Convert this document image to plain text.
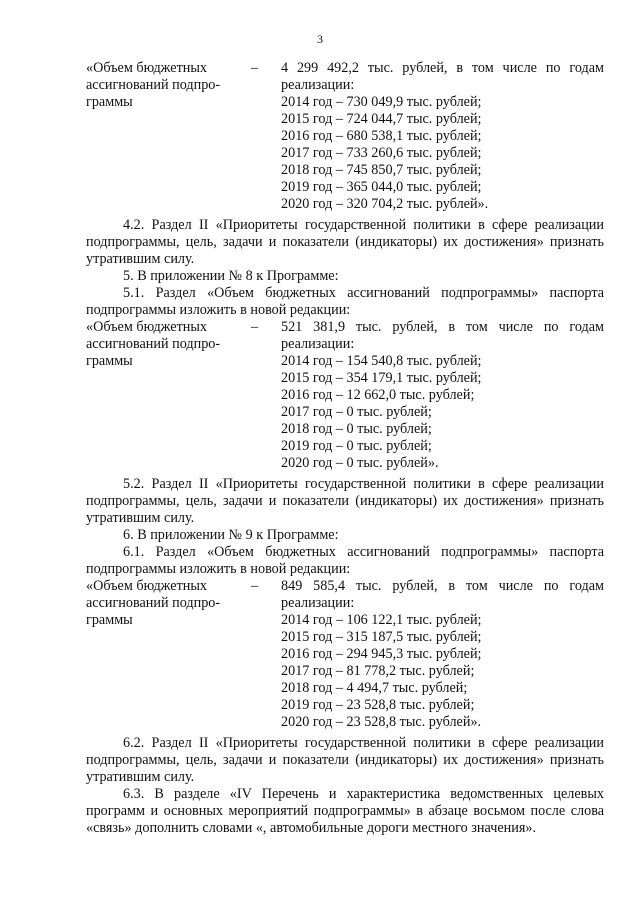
3
«Объем бюджетных
ассигнований подпро-
граммы
–	4 299 492,2 тыс. рублей, в том числе по годам
реализации:
2014 год – 730 049,9 тыс. рублей;
2015 год – 724 044,7 тыс. рублей;
2016 год – 680 538,1 тыс. рублей;
2017 год – 733 260,6 тыс. рублей;
2018 год – 745 850,7 тыс. рублей;
2019 год – 365 044,0 тыс. рублей;
2020 год – 320 704,2 тыс. рублей».
4.2. Раздел II «Приоритеты государственной политики в сфере реализации подпрограммы, цель, задачи и показатели (индикаторы) их достижения» признать утратившим силу.
5. В приложении № 8 к Программе:
5.1. Раздел «Объем бюджетных ассигнований подпрограммы» паспорта подпрограммы изложить в новой редакции:
«Объем бюджетных
ассигнований подпро-
граммы
–	521 381,9 тыс. рублей, в том числе по годам
реализации:
2014 год – 154 540,8 тыс. рублей;
2015 год – 354 179,1 тыс. рублей;
2016 год – 12 662,0 тыс. рублей;
2017 год – 0 тыс. рублей;
2018 год – 0 тыс. рублей;
2019 год – 0 тыс. рублей;
2020 год – 0 тыс. рублей».
5.2. Раздел II «Приоритеты государственной политики в сфере реализации подпрограммы, цель, задачи и показатели (индикаторы) их достижения» признать утратившим силу.
6. В приложении № 9 к Программе:
6.1. Раздел «Объем бюджетных ассигнований подпрограммы» паспорта подпрограммы изложить в новой редакции:
«Объем бюджетных
ассигнований подпро-
граммы
–	849 585,4 тыс. рублей, в том числе по годам
реализации:
2014 год – 106 122,1 тыс. рублей;
2015 год – 315 187,5 тыс. рублей;
2016 год – 294 945,3 тыс. рублей;
2017 год – 81 778,2 тыс. рублей;
2018 год – 4 494,7 тыс. рублей;
2019 год – 23 528,8 тыс. рублей;
2020 год – 23 528,8 тыс. рублей».
6.2. Раздел II «Приоритеты государственной политики в сфере реализации подпрограммы, цель, задачи и показатели (индикаторы) их достижения» признать утратившим силу.
6.3. В разделе «IV Перечень и характеристика ведомственных целевых программ и основных мероприятий подпрограммы» в абзаце восьмом после слова «связь» дополнить словами «, автомобильные дороги местного значения».
